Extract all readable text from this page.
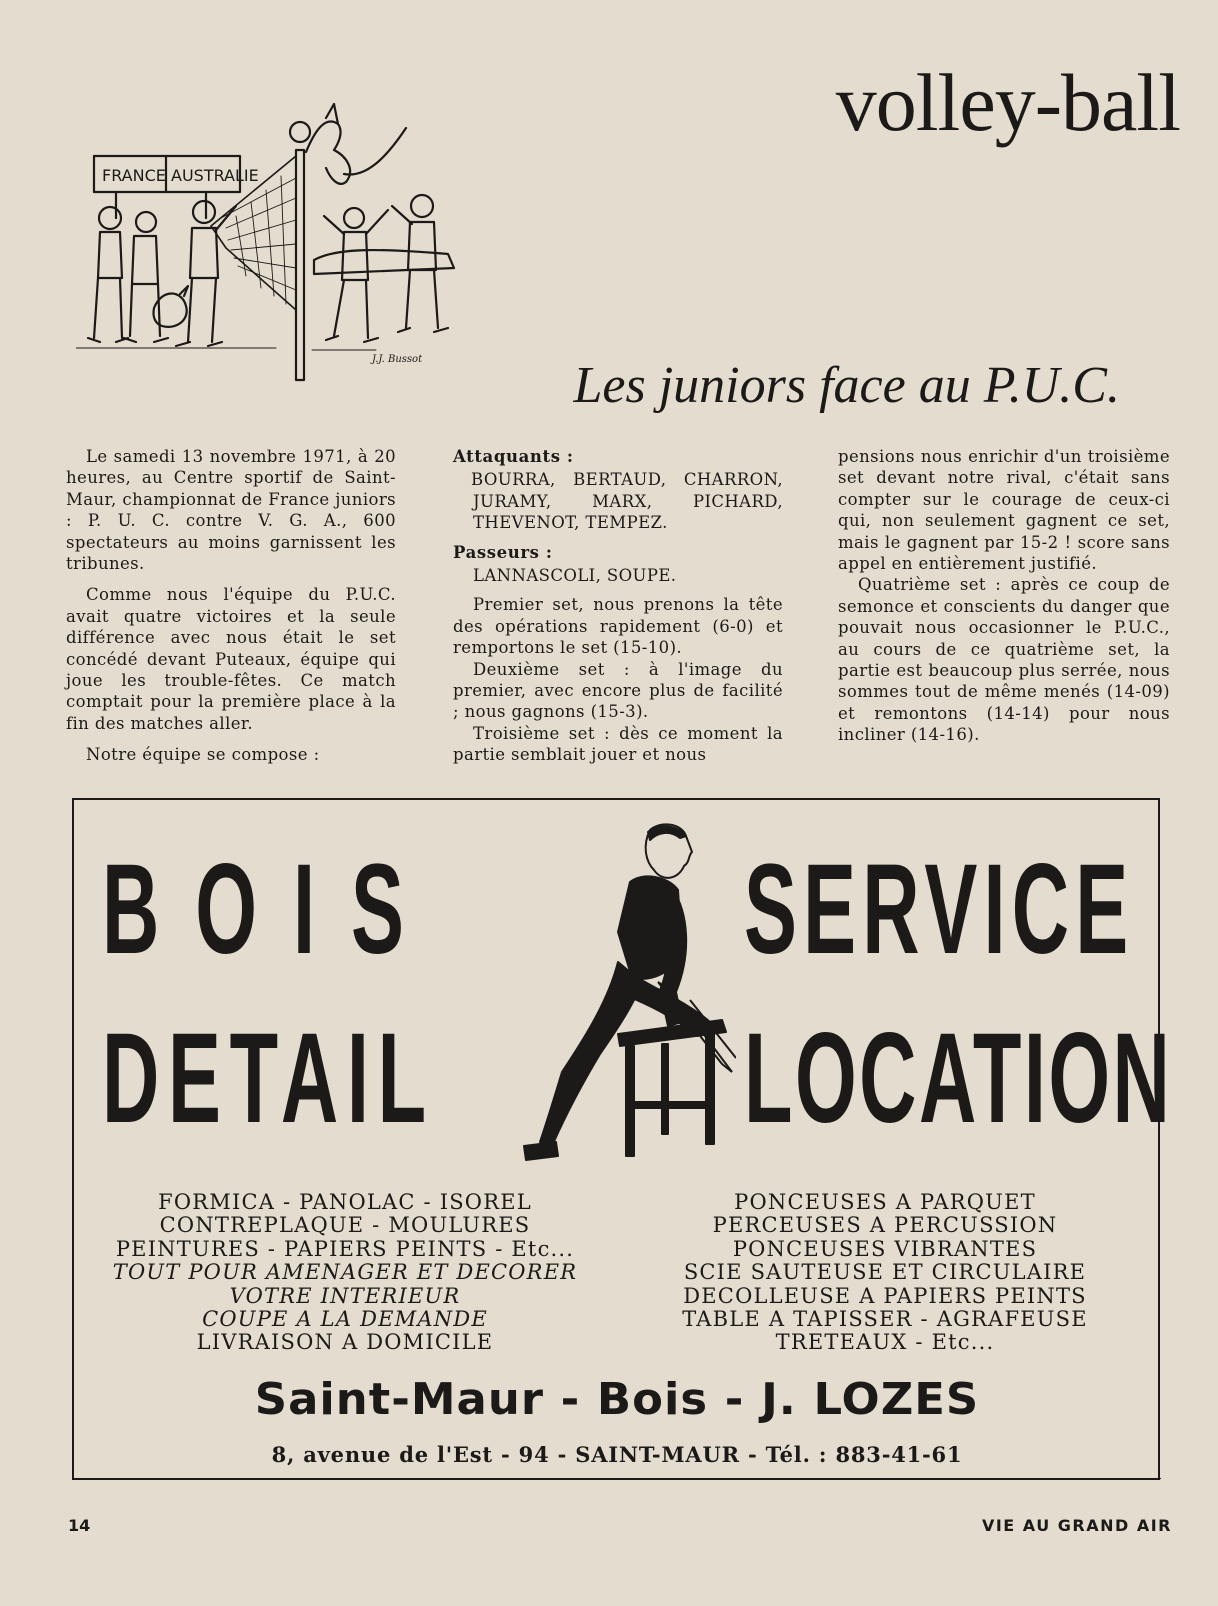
volley-ball
FRANCE AUSTRALIE
J.J. Bussot	Les juniors face au P.U.C.

Le samedi 13 novembre 1971, à 20 heures, au Centre sportif de Saint-Maur, championnat de France juniors : P. U. C. contre V. G. A., 600 spectateurs au moins garnissent les tribunes.

Comme nous l'équipe du P.U.C. avait quatre victoires et la seule différence avec nous était le set concédé devant Puteaux, équipe qui joue les trouble-fêtes. Ce match comptait pour la première place à la fin des matches aller.

Notre équipe se compose :

Attaquants :

BOURRA, BERTAUD, CHARRON, JURAMY, MARX, PICHARD, THEVENOT, TEMPEZ.

Passeurs :

LANNASCOLI, SOUPE.

Premier set, nous prenons la tête des opérations rapidement (6-0) et remportons le set (15-10).

Deuxième set : à l'image du premier, avec encore plus de facilité ; nous gagnons (15-3).

Troisième set : dès ce moment la partie semblait jouer et nous

pensions nous enrichir d'un troisième set devant notre rival, c'était sans compter sur le courage de ceux-ci qui, non seulement gagnent ce set, mais le gagnent par 15-2 ! score sans appel en entièrement justifié.

Quatrième set : après ce coup de semonce et conscients du danger que pouvait nous occasionner le P.U.C., au cours de ce quatrième set, la partie est beaucoup plus serrée, nous sommes tout de même menés (14-09) et remontons (14-14) pour nous incliner (14-16).

BOIS
DETAIL
SERVICE
LOCATION
FORMICA - PANOLAC - ISOREL
CONTREPLAQUE - MOULURES
PEINTURES - PAPIERS PEINTS - Etc...
TOUT POUR AMENAGER ET DECORER
VOTRE INTERIEUR
COUPE A LA DEMANDE
LIVRAISON A DOMICILE
PONCEUSES A PARQUET
PERCEUSES A PERCUSSION
PONCEUSES VIBRANTES
SCIE SAUTEUSE ET CIRCULAIRE
DECOLLEUSE A PAPIERS PEINTS
TABLE A TAPISSER - AGRAFEUSE
TRETEAUX - Etc...
Saint-Maur - Bois - J. LOZES
8, avenue de l'Est - 94 - SAINT-MAUR - Tél. : 883-41-61
14	VIE AU GRAND AIR
